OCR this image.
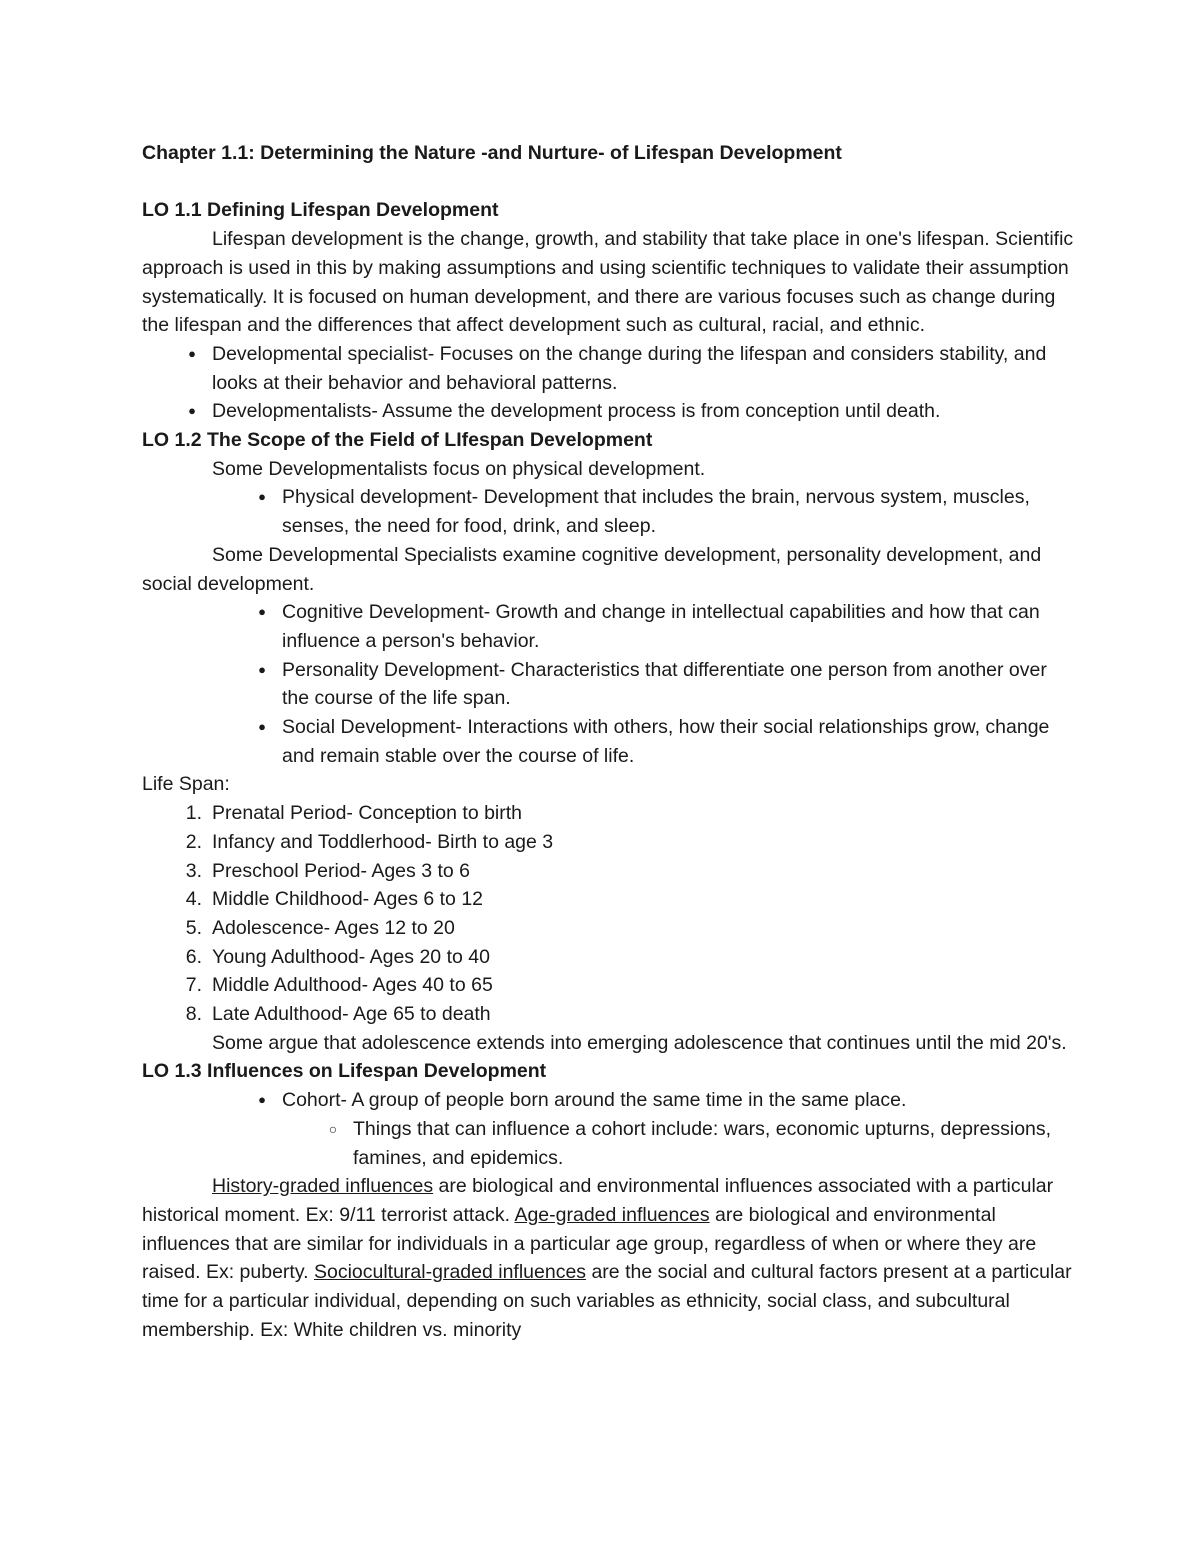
Chapter 1.1: Determining the Nature -and Nurture- of Lifespan Development

LO 1.1 Defining Lifespan Development

Lifespan development is the change, growth, and stability that take place in one's lifespan. Scientific approach is used in this by making assumptions and using scientific techniques to validate their assumption systematically. It is focused on human development, and there are various focuses such as change during the lifespan and the differences that affect development such as cultural, racial, and ethnic.

● Developmental specialist- Focuses on the change during the lifespan and considers stability, and looks at their behavior and behavioral patterns.
● Developmentalists- Assume the development process is from conception until death.

LO 1.2 The Scope of the Field of LIfespan Development

Some Developmentalists focus on physical development.

● Physical development- Development that includes the brain, nervous system, muscles, senses, the need for food, drink, and sleep.

Some Developmental Specialists examine cognitive development, personality development, and social development.

● Cognitive Development- Growth and change in intellectual capabilities and how that can influence a person's behavior.
● Personality Development- Characteristics that differentiate one person from another over the course of the life span.
● Social Development- Interactions with others, how their social relationships grow, change and remain stable over the course of life.

Life Span:

1. Prenatal Period- Conception to birth
2. Infancy and Toddlerhood- Birth to age 3
3. Preschool Period- Ages 3 to 6
4. Middle Childhood- Ages 6 to 12
5. Adolescence- Ages 12 to 20
6. Young Adulthood- Ages 20 to 40
7. Middle Adulthood- Ages 40 to 65
8. Late Adulthood- Age 65 to death

Some argue that adolescence extends into emerging adolescence that continues until the mid 20's.

LO 1.3 Influences on Lifespan Development

● Cohort- A group of people born around the same time in the same place.
○ Things that can influence a cohort include: wars, economic upturns, depressions, famines, and epidemics.

History-graded influences are biological and environmental influences associated with a particular historical moment. Ex: 9/11 terrorist attack. Age-graded influences are biological and environmental influences that are similar for individuals in a particular age group, regardless of when or where they are raised. Ex: puberty. Sociocultural-graded influences are the social and cultural factors present at a particular time for a particular individual, depending on such variables as ethnicity, social class, and subcultural membership. Ex: White children vs. minority
